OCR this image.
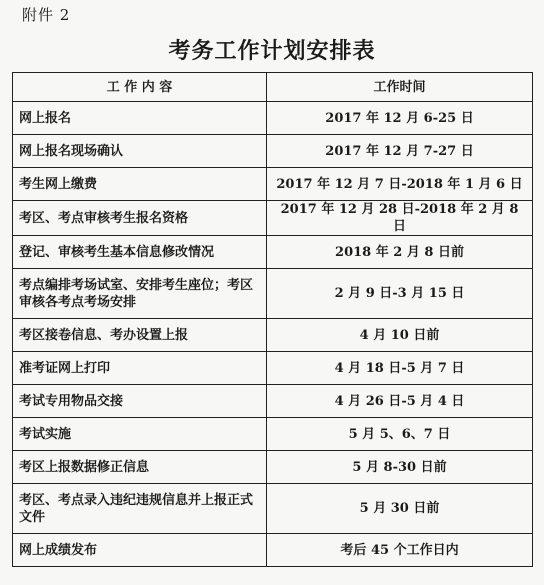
附件 2
考务工作计划安排表
工 作 内 容	工作时间
网上报名	2017 年 12 月 6-25 日
网上报名现场确认	2017 年 12 月 7-27 日
考生网上缴费	2017 年 12 月 7 日-2018 年 1 月 6 日
考区、考点审核考生报名资格	2017 年 12 月 28 日-2018 年 2 月 8 日
登记、审核考生基本信息修改情况	2018 年 2 月 8 日前
考点编排考场试室、安排考生座位；考区审核各考点考场安排	2 月 9 日-3 月 15 日
考区接卷信息、考办设置上报	4 月 10 日前
准考证网上打印	4 月 18 日-5 月 7 日
考试专用物品交接	4 月 26 日-5 月 4 日
考试实施	5 月 5、6、7 日
考区上报数据修正信息	5 月 8-30 日前
考区、考点录入违纪违规信息并上报正式文件	5 月 30 日前
网上成绩发布	考后 45 个工作日内
